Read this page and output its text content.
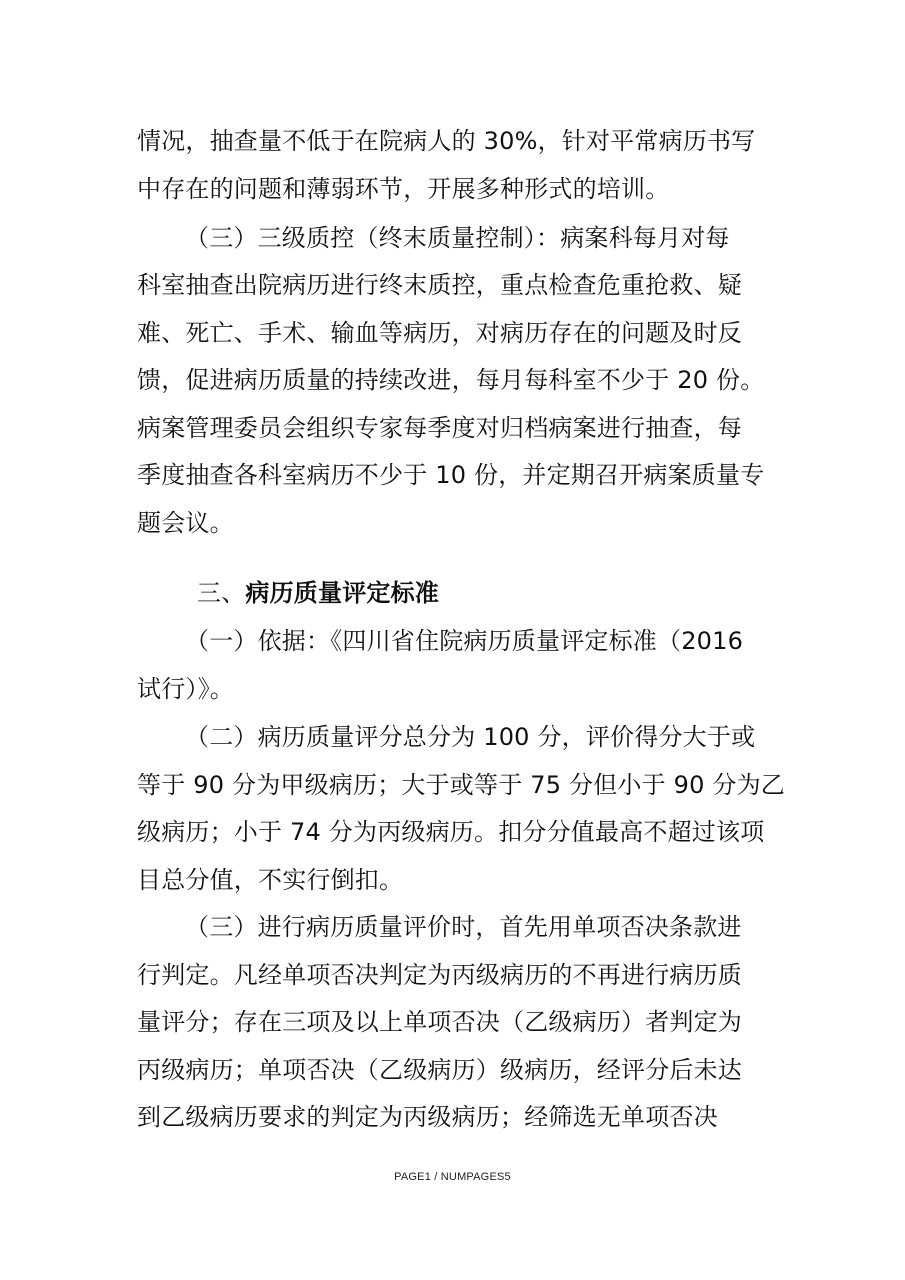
情况，抽查量不低于在院病人的 30%，针对平常病历书写
中存在的问题和薄弱环节，开展多种形式的培训。
（三）三级质控（终末质量控制）：病案科每月对每
科室抽查出院病历进行终末质控，重点检查危重抢救、疑
难、死亡、手术、输血等病历，对病历存在的问题及时反
馈，促进病历质量的持续改进，每月每科室不少于 20 份。
病案管理委员会组织专家每季度对归档病案进行抽查，每
季度抽查各科室病历不少于 10 份，并定期召开病案质量专
题会议。
三、病历质量评定标准
（一）依据：《四川省住院病历质量评定标准（2016
试行）》。
（二）病历质量评分总分为 100 分，评价得分大于或
等于 90 分为甲级病历；大于或等于 75 分但小于 90 分为乙
级病历；小于 74 分为丙级病历。扣分分值最高不超过该项
目总分值，不实行倒扣。
（三）进行病历质量评价时，首先用单项否决条款进
行判定。凡经单项否决判定为丙级病历的不再进行病历质
量评分；存在三项及以上单项否决（乙级病历）者判定为
丙级病历；单项否决（乙级病历）级病历，经评分后未达
到乙级病历要求的判定为丙级病历；经筛选无单项否决
PAGE1 / NUMPAGES5
